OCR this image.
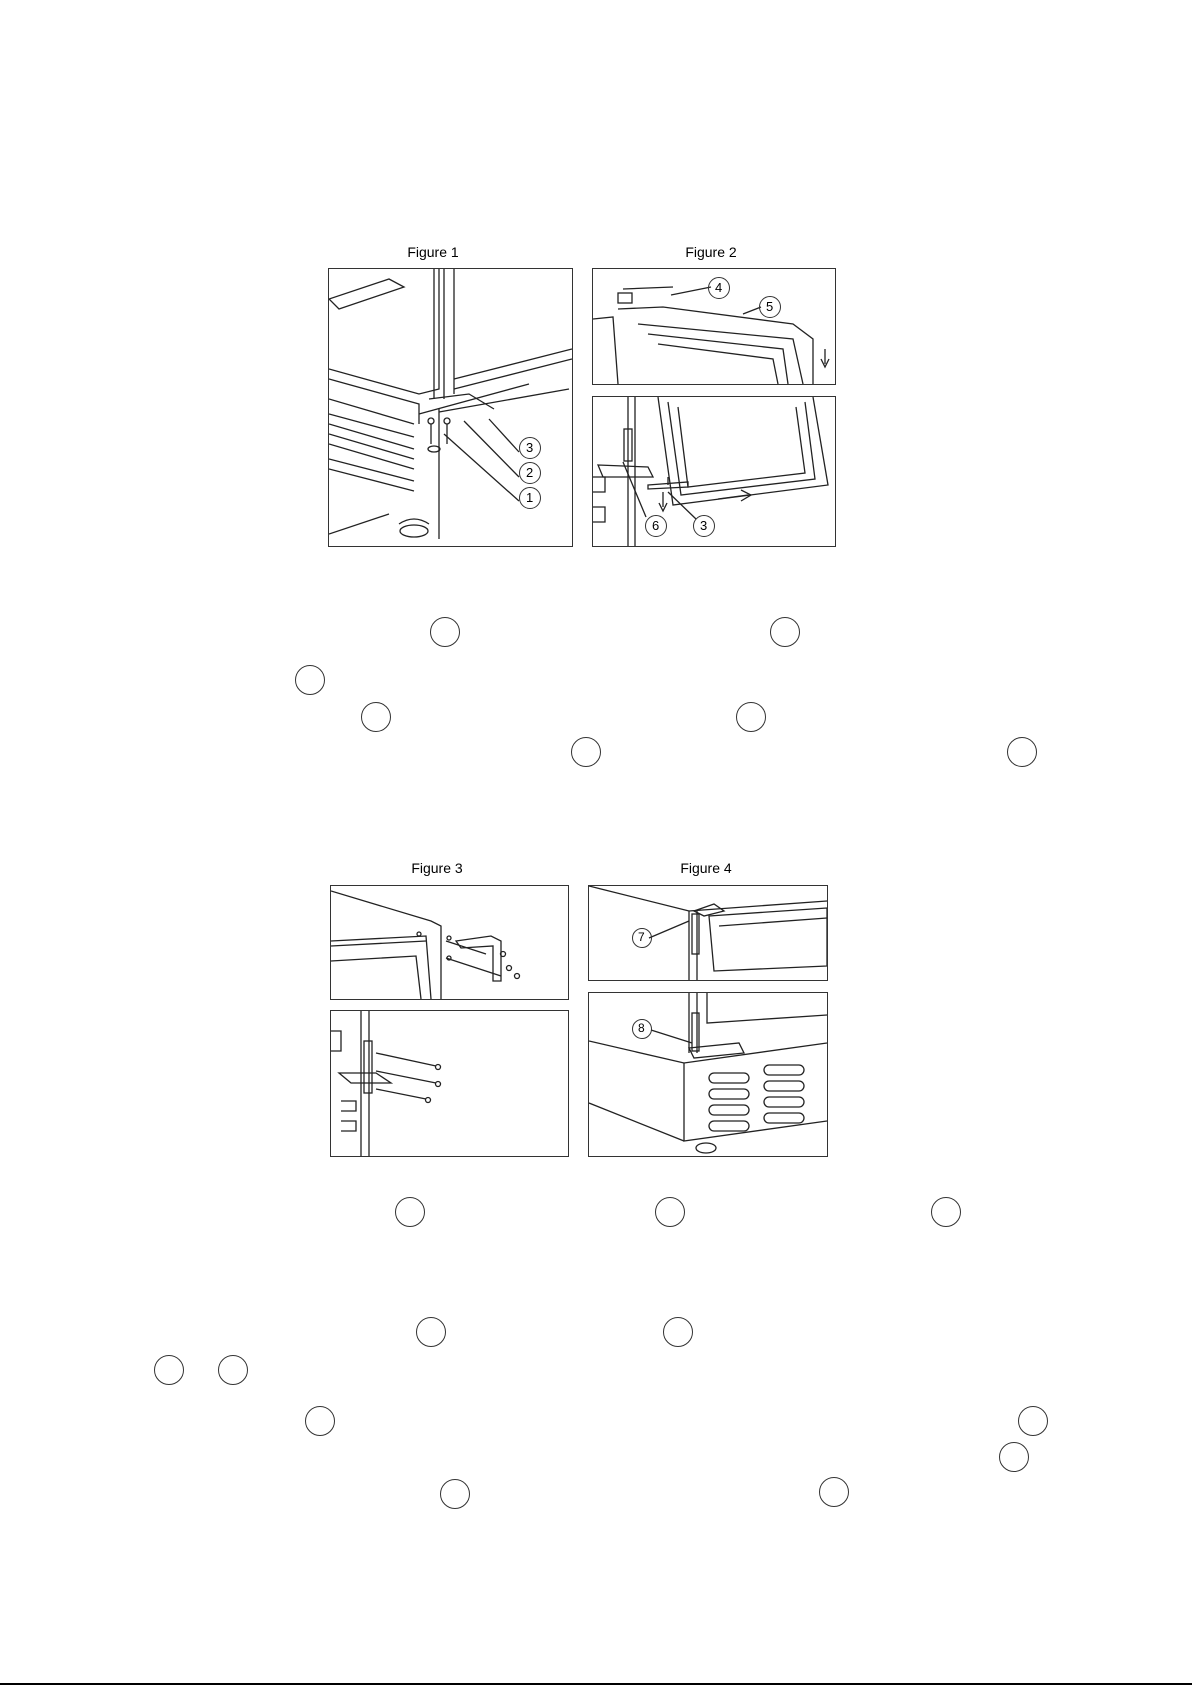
Figure 1
3
2
1
Figure 2
4
5
6	3
Figure 3	Figure 4
7
8
